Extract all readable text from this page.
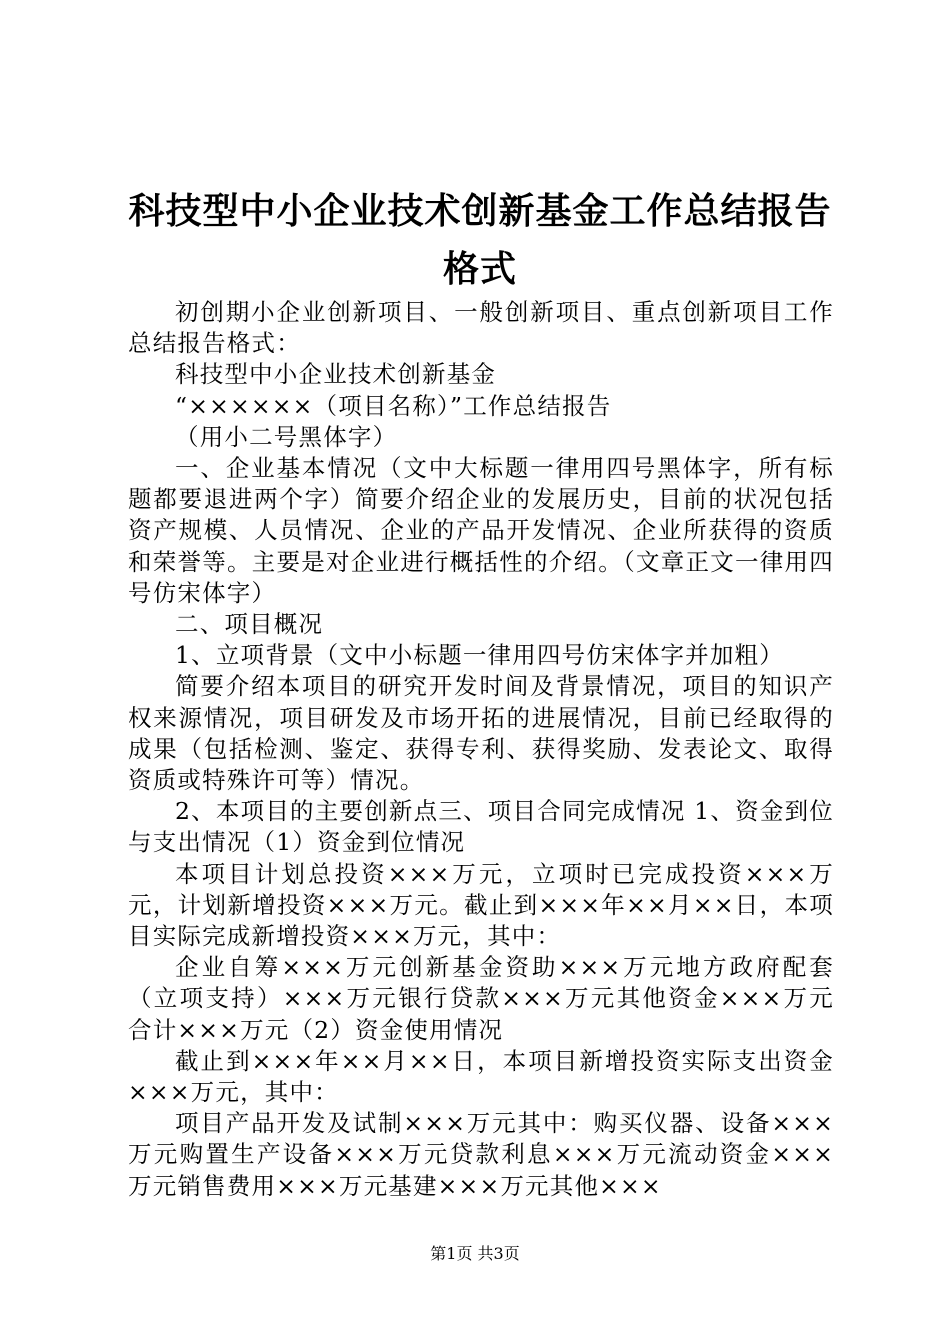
科技型中小企业技术创新基金工作总结报告格式

初创期小企业创新项目、一般创新项目、重点创新项目工作总结报告格式：

科技型中小企业技术创新基金

“××××××（项目名称）”工作总结报告

（用小二号黑体字）

一、企业基本情况（文中大标题一律用四号黑体字，所有标题都要退进两个字）简要介绍企业的发展历史，目前的状况包括资产规模、人员情况、企业的产品开发情况、企业所获得的资质和荣誉等。主要是对企业进行概括性的介绍。（文章正文一律用四号仿宋体字）

二、项目概况

1、立项背景（文中小标题一律用四号仿宋体字并加粗）

简要介绍本项目的研究开发时间及背景情况，项目的知识产权来源情况，项目研发及市场开拓的进展情况，目前已经取得的成果（包括检测、鉴定、获得专利、获得奖励、发表论文、取得资质或特殊许可等）情况。

2、本项目的主要创新点三、项目合同完成情况 1、资金到位与支出情况（1）资金到位情况

本项目计划总投资×××万元，立项时已完成投资×××万元，计划新增投资×××万元。截止到×××年××月××日，本项目实际完成新增投资×××万元，其中：

企业自筹×××万元创新基金资助×××万元地方政府配套（立项支持）×××万元银行贷款×××万元其他资金×××万元合计×××万元（2）资金使用情况

截止到×××年××月××日，本项目新增投资实际支出资金×××万元，其中：

项目产品开发及试制×××万元其中：购买仪器、设备×××万元购置生产设备×××万元贷款利息×××万元流动资金×××万元销售费用×××万元基建×××万元其他×××

第1页 共3页
